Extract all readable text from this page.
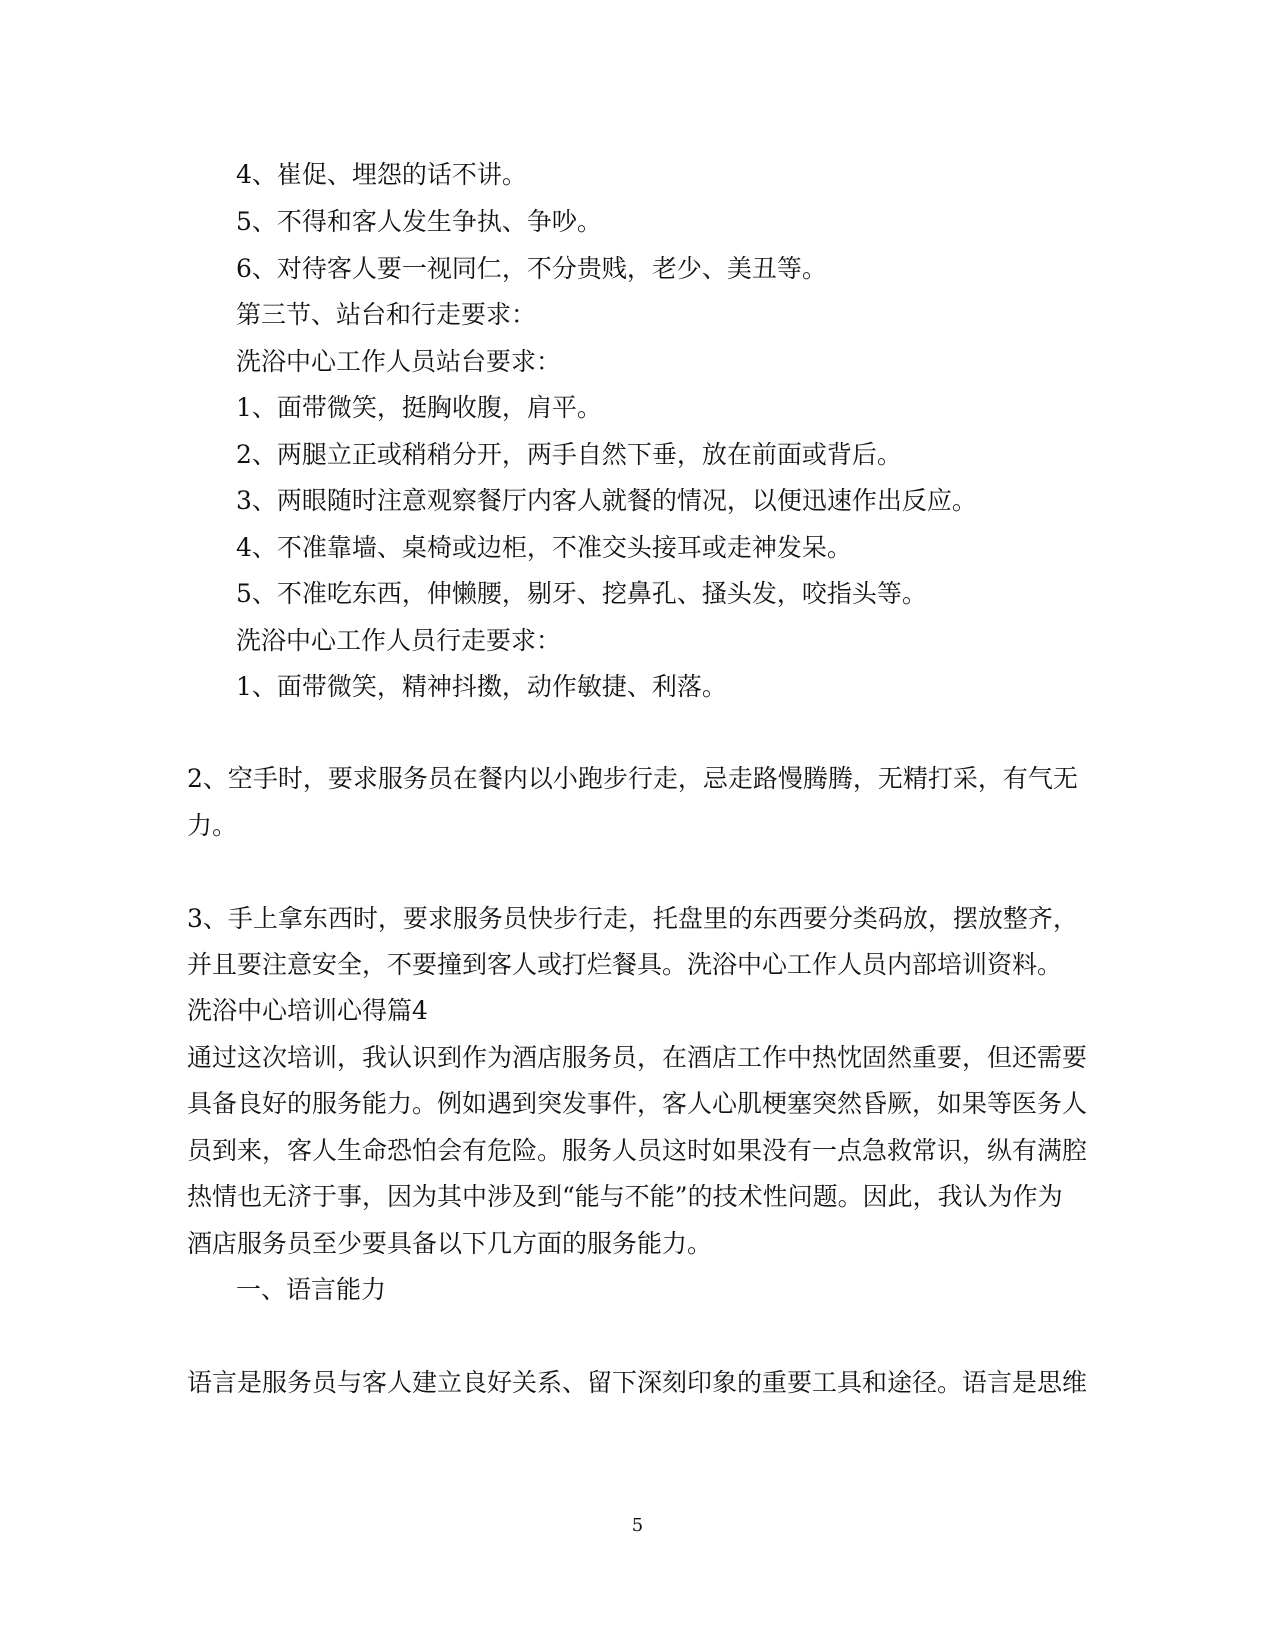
4、崔促、埋怨的话不讲。
5、不得和客人发生争执、争吵。
6、对待客人要一视同仁，不分贵贱，老少、美丑等。
第三节、站台和行走要求：
洗浴中心工作人员站台要求：
1、面带微笑，挺胸收腹，肩平。
2、两腿立正或稍稍分开，两手自然下垂，放在前面或背后。
3、两眼随时注意观察餐厅内客人就餐的情况，以便迅速作出反应。
4、不准靠墙、桌椅或边柜，不准交头接耳或走神发呆。
5、不准吃东西，伸懒腰，剔牙、挖鼻孔、搔头发，咬指头等。
洗浴中心工作人员行走要求：
1、面带微笑，精神抖擞，动作敏捷、利落。
2、空手时，要求服务员在餐内以小跑步行走，忌走路慢腾腾，无精打采，有气无
力。
3、手上拿东西时，要求服务员快步行走，托盘里的东西要分类码放，摆放整齐，
并且要注意安全，不要撞到客人或打烂餐具。洗浴中心工作人员内部培训资料。
洗浴中心培训心得篇4
通过这次培训，我认识到作为酒店服务员，在酒店工作中热忱固然重要，但还需要
具备良好的服务能力。例如遇到突发事件，客人心肌梗塞突然昏厥，如果等医务人
员到来，客人生命恐怕会有危险。服务人员这时如果没有一点急救常识，纵有满腔
热情也无济于事，因为其中涉及到“能与不能”的技术性问题。因此，我认为作为
酒店服务员至少要具备以下几方面的服务能力。
一、语言能力
语言是服务员与客人建立良好关系、留下深刻印象的重要工具和途径。语言是思维
5
